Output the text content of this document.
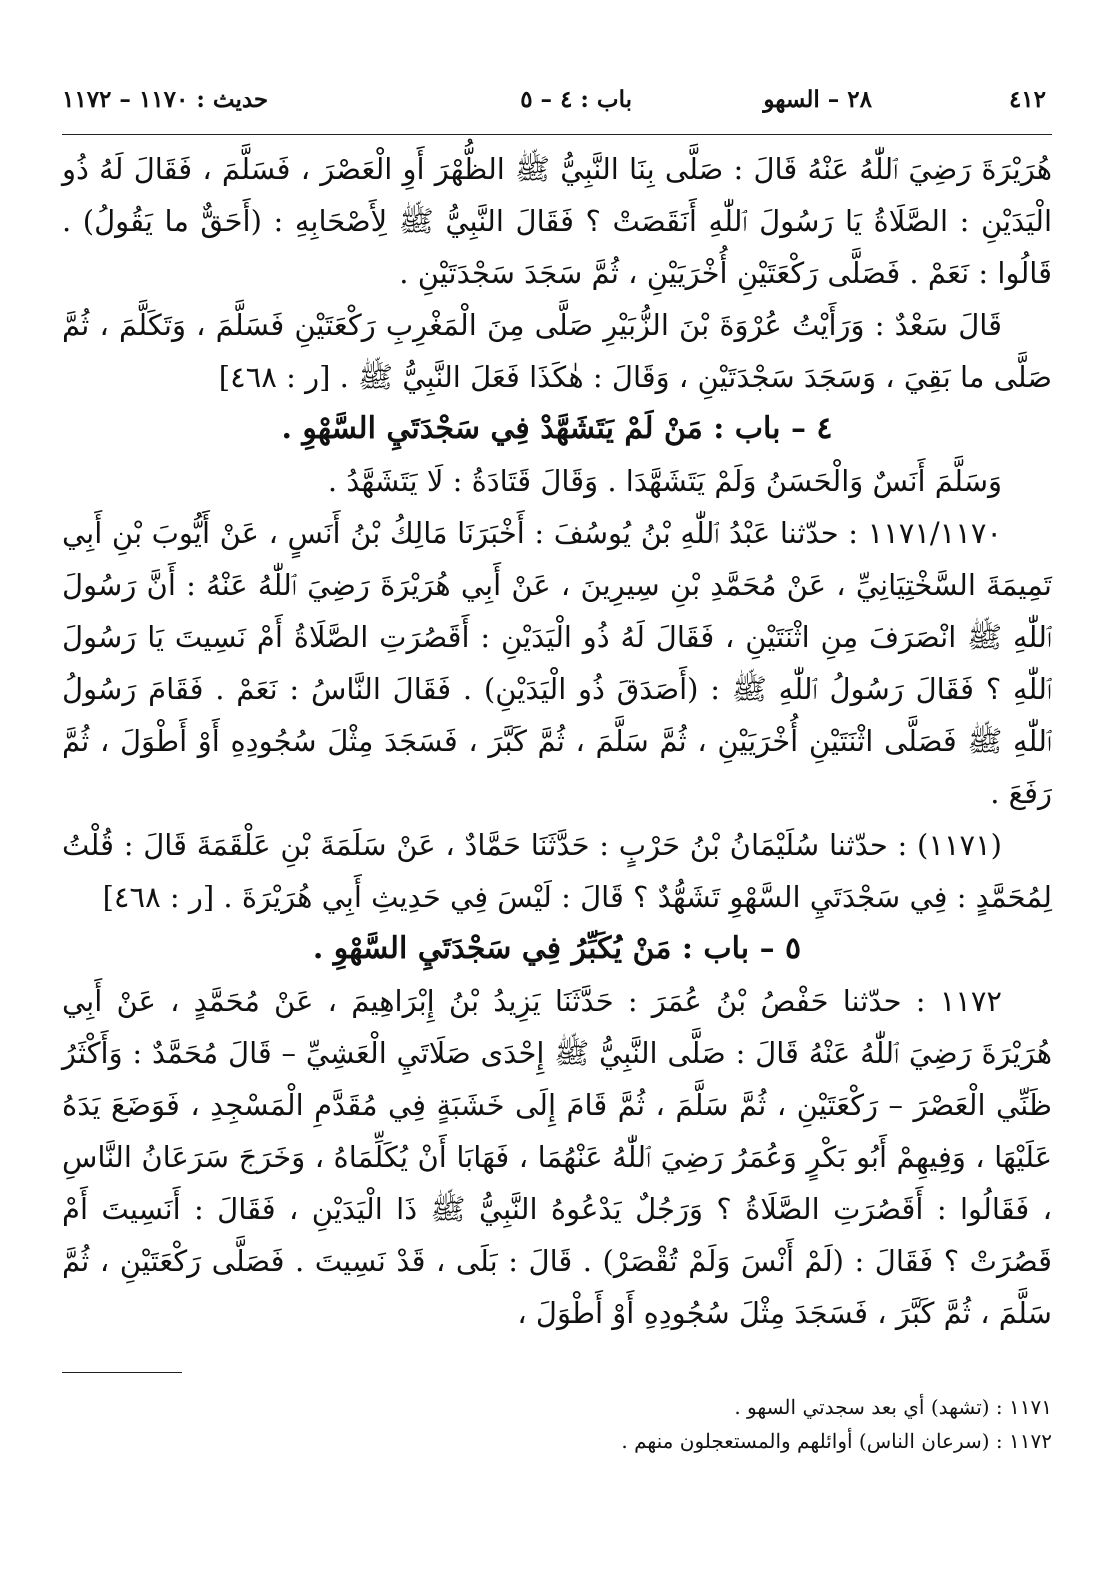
٤١٢
٢٨ – السهو
باب : ٤ – ٥
حديث : ١١٧٠ – ١١٧٢

هُرَيْرَةَ رَضِيَ ٱللّٰهُ عَنْهُ قَالَ : صَلَّى بِنَا النَّبِيُّ ﷺ الظُّهْرَ أَوِ الْعَصْرَ ، فَسَلَّمَ ، فَقَالَ لَهُ ذُو الْيَدَيْنِ : الصَّلَاةُ يَا رَسُولَ ٱللّٰهِ أَنَقَصَتْ ؟ فَقَالَ النَّبِيُّ ﷺ لِأَصْحَابِهِ : (أَحَقٌّ ما يَقُولُ) . قَالُوا : نَعَمْ . فَصَلَّى رَكْعَتَيْنِ أُخْرَيَيْنِ ، ثُمَّ سَجَدَ سَجْدَتَيْنِ .

قَالَ سَعْدٌ : وَرَأَيْتُ عُرْوَةَ بْنَ الزُّبَيْرِ صَلَّى مِنَ الْمَغْرِبِ رَكْعَتَيْنِ فَسَلَّمَ ، وَتَكَلَّمَ ، ثُمَّ صَلَّى ما بَقِيَ ، وَسَجَدَ سَجْدَتَيْنِ ، وَقَالَ : هٰكَذَا فَعَلَ النَّبِيُّ ﷺ . [ر : ٤٦٨]

٤ – باب : مَنْ لَمْ يَتَشَهَّدْ فِي سَجْدَتَيِ السَّهْوِ .

وَسَلَّمَ أَنَسٌ وَالْحَسَنُ وَلَمْ يَتَشَهَّدَا . وَقَالَ قَتَادَةُ : لَا يَتَشَهَّدُ .

١١٧١/١١٧٠ : حدّثنا عَبْدُ ٱللّٰهِ بْنُ يُوسُفَ : أَخْبَرَنَا مَالِكُ بْنُ أَنَسٍ ، عَنْ أَيُّوبَ بْنِ أَبِي تَمِيمَةَ السَّخْتِيَانِيِّ ، عَنْ مُحَمَّدِ بْنِ سِيرِينَ ، عَنْ أَبِي هُرَيْرَةَ رَضِيَ ٱللّٰهُ عَنْهُ : أَنَّ رَسُولَ ٱللّٰهِ ﷺ انْصَرَفَ مِنِ اثْنَتَيْنِ ، فَقَالَ لَهُ ذُو الْيَدَيْنِ : أَقَصُرَتِ الصَّلَاةُ أَمْ نَسِيتَ يَا رَسُولَ ٱللّٰهِ ؟ فَقَالَ رَسُولُ ٱللّٰهِ ﷺ : (أَصَدَقَ ذُو الْيَدَيْنِ) . فَقَالَ النَّاسُ : نَعَمْ . فَقَامَ رَسُولُ ٱللّٰهِ ﷺ فَصَلَّى اثْنَتَيْنِ أُخْرَيَيْنِ ، ثُمَّ سَلَّمَ ، ثُمَّ كَبَّرَ ، فَسَجَدَ مِثْلَ سُجُودِهِ أَوْ أَطْوَلَ ، ثُمَّ رَفَعَ .

(١١٧١) : حدّثنا سُلَيْمَانُ بْنُ حَرْبٍ : حَدَّثَنَا حَمَّادٌ ، عَنْ سَلَمَةَ بْنِ عَلْقَمَةَ قَالَ : قُلْتُ لِمُحَمَّدٍ : فِي سَجْدَتَيِ السَّهْوِ تَشَهُّدٌ ؟ قَالَ : لَيْسَ فِي حَدِيثِ أَبِي هُرَيْرَةَ . [ر : ٤٦٨]

٥ – باب : مَنْ يُكَبِّرُ فِي سَجْدَتَيِ السَّهْوِ .

١١٧٢ : حدّثنا حَفْصُ بْنُ عُمَرَ : حَدَّثَنَا يَزِيدُ بْنُ إِبْرَاهِيمَ ، عَنْ مُحَمَّدٍ ، عَنْ أَبِي هُرَيْرَةَ رَضِيَ ٱللّٰهُ عَنْهُ قَالَ : صَلَّى النَّبِيُّ ﷺ إِحْدَى صَلَاتَيِ الْعَشِيِّ – قَالَ مُحَمَّدٌ : وَأَكْثَرُ ظَنِّي الْعَصْرَ – رَكْعَتَيْنِ ، ثُمَّ سَلَّمَ ، ثُمَّ قَامَ إِلَى خَشَبَةٍ فِي مُقَدَّمِ الْمَسْجِدِ ، فَوَضَعَ يَدَهُ عَلَيْهَا ، وَفِيهِمْ أَبُو بَكْرٍ وَعُمَرُ رَضِيَ ٱللّٰهُ عَنْهُمَا ، فَهَابَا أَنْ يُكَلِّمَاهُ ، وَخَرَجَ سَرَعَانُ النَّاسِ ، فَقَالُوا : أَقَصُرَتِ الصَّلَاةُ ؟ وَرَجُلٌ يَدْعُوهُ النَّبِيُّ ﷺ ذَا الْيَدَيْنِ ، فَقَالَ : أَنَسِيتَ أَمْ قَصُرَتْ ؟ فَقَالَ : (لَمْ أَنْسَ وَلَمْ تُقْصَرْ) . قَالَ : بَلَى ، قَدْ نَسِيتَ . فَصَلَّى رَكْعَتَيْنِ ، ثُمَّ سَلَّمَ ، ثُمَّ كَبَّرَ ، فَسَجَدَ مِثْلَ سُجُودِهِ أَوْ أَطْوَلَ ،

١١٧١ : (تشهد) أي بعد سجدتي السهو .

١١٧٢ : (سرعان الناس) أوائلهم والمستعجلون منهم .
